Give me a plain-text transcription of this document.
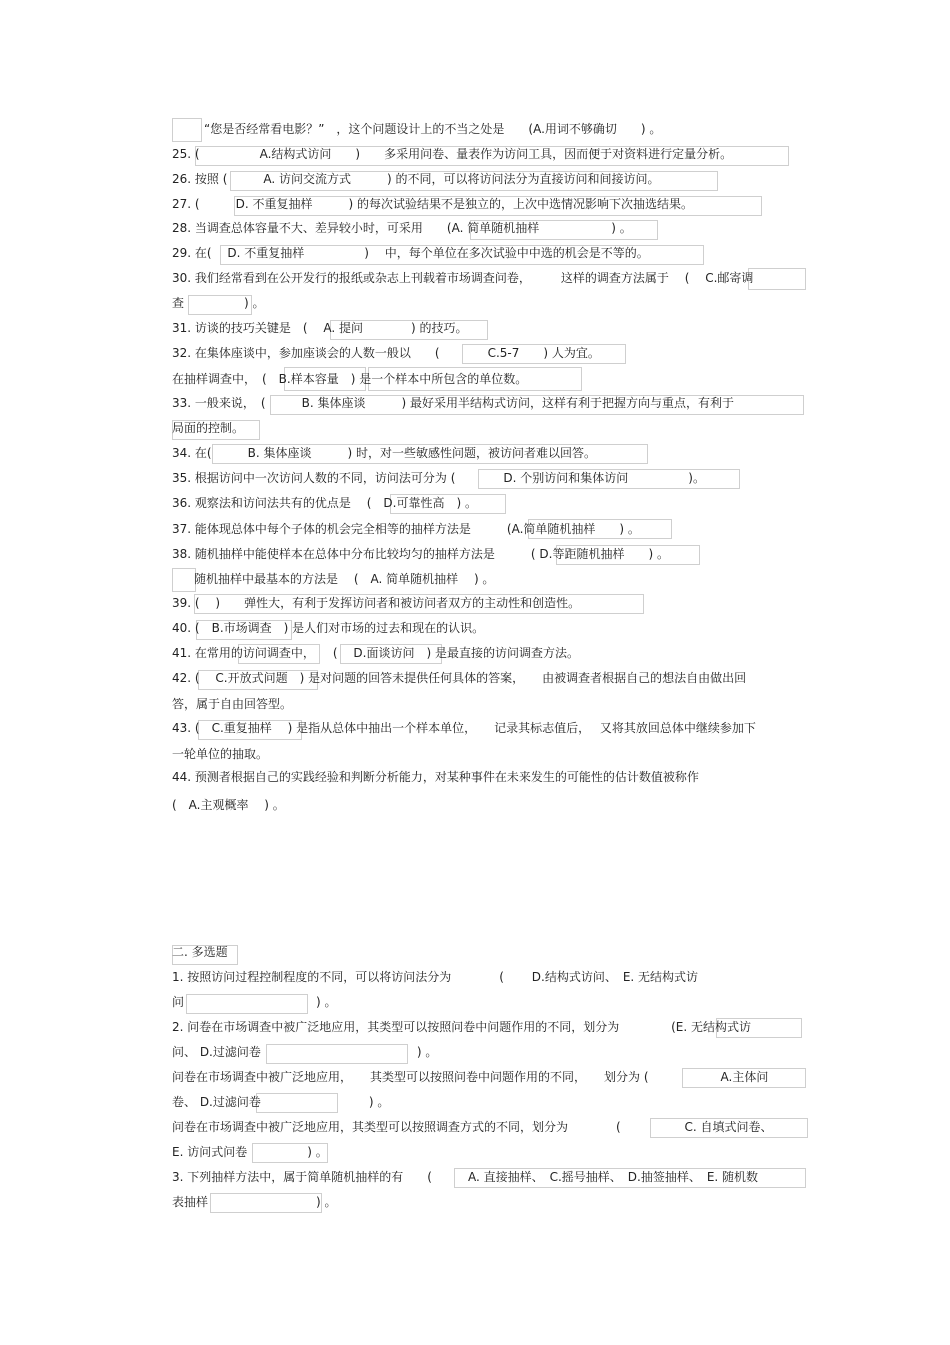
“您是否经常看电影？”　，这个问题设计上的不当之处是　　(A.用词不够确切　　) 。
25. (　　　　　A.结构式访问　　)　　多采用问卷、量表作为访问工具，因而便于对资料进行定量分析。
26. 按照 (　　　A. 访问交流方式　　　) 的不同，可以将访问法分为直接访问和间接访问。
27. (　　　D. 不重复抽样　　　) 的每次试验结果不是独立的，上次中选情况影响下次抽选结果。
28. 当调查总体容量不大、差异较小时，可采用　　(A. 简单随机抽样　　　　　　) 。
29. 在(　 D. 不重复抽样　　　　　)　 中，每个单位在多次试验中中选的机会是不等的。
30. 我们经常看到在公开发行的报纸或杂志上刊载着市场调查问卷，　　　这样的调查方法属于　 (　 C.邮寄调
查　　　　　) 。
31. 访谈的技巧关键是　(　 A. 提问　　　　) 的技巧。
32. 在集体座谈中，参加座谈会的人数一般以　　(　　　　C.5-7　　) 人为宜。
在抽样调查中，　(　B.样本容量　) 是一个样本中所包含的单位数。
33. 一般来说，　(　　　B. 集体座谈　　　) 最好采用半结构式访问，这样有利于把握方向与重点，有利于
局面的控制。
34. 在(　　　B. 集体座谈　　　) 时，对一些敏感性问题，被访问者难以回答。
35. 根据访问中一次访问人数的不同，访问法可分为 (　　　　D. 个别访问和集体访问　　　　　)。
36. 观察法和访问法共有的优点是　 (　D.可靠性高　) 。
37. 能体现总体中每个子体的机会完全相等的抽样方法是　　　(A.简单随机抽样　　) 。
38. 随机抽样中能使样本在总体中分布比较均匀的抽样方法是　　　( D.等距随机抽样　　) 。
随机抽样中最基本的方法是　 (　A. 简单随机抽样　 ) 。
39. (　 )　　弹性大，有利于发挥访问者和被访问者双方的主动性和创造性。
40. (　B.市场调查　) 是人们对市场的过去和现在的认识。
41. 在常用的访问调查中，　　(　 D.面谈访问　) 是最直接的访问调查方法。
42. (　 C.开放式问题　) 是对问题的回答未提供任何具体的答案，　　由被调查者根据自己的想法自由做出回
答，属于自由回答型。
43. (　C.重复抽样　 ) 是指从总体中抽出一个样本单位，　　记录其标志值后，　 又将其放回总体中继续参加下
一轮单位的抽取。
44. 预测者根据自己的实践经验和判断分析能力，对某种事件在未来发生的可能性的估计数值被称作
(　A.主观概率　 ) 。
二. 多选题
1. 按照访问过程控制程度的不同，可以将访问法分为　　　　(　　 D.结构式访问、　E. 无结构式访
问　　　　　　　　　　　) 。
2. 问卷在市场调查中被广泛地应用，其类型可以按照问卷中问题作用的不同，划分为　　　　 (E. 无结构式访
问、 D.过滤问卷　　　　　　　　　　　　　) 。
问卷在市场调查中被广泛地应用，　　其类型可以按照问卷中问题作用的不同，　　划分为 (　　　　　　A.主体问
卷、 D.过滤问卷　　　　　　　　　) 。
问卷在市场调查中被广泛地应用，其类型可以按照调查方式的不同，划分为　　　　(　　　　　 C. 自填式问卷、
E. 访问式问卷　　　　　) 。
3. 下列抽样方法中，属于简单随机抽样的有　　(　　　A. 直接抽样、　C.摇号抽样、　D.抽签抽样、　E. 随机数
表抽样　　　　　　　　　) 。
